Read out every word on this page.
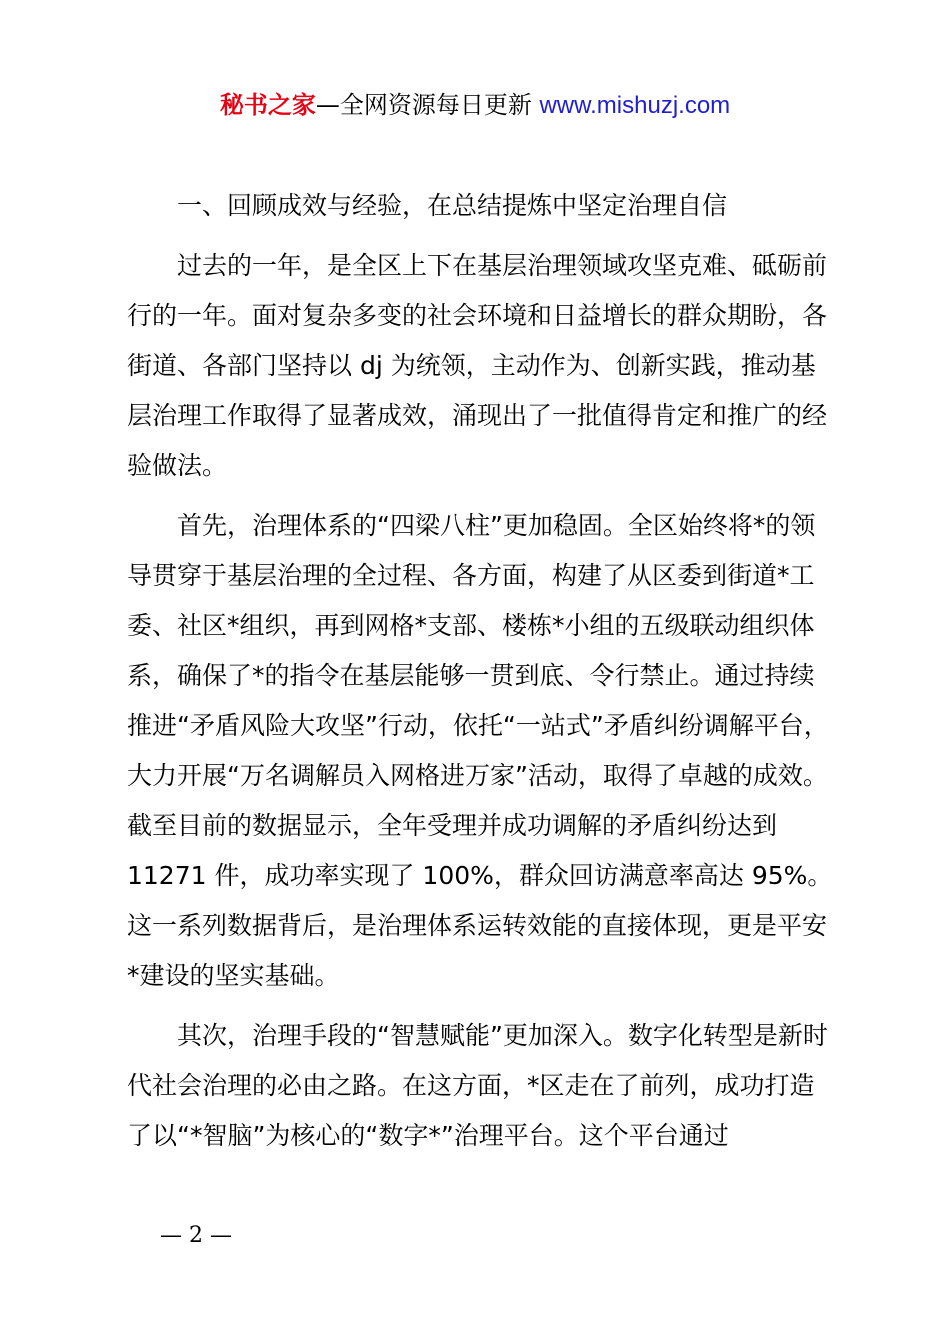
秘书之家—全网资源每日更新 www.mishuzj.com

一、回顾成效与经验，在总结提炼中坚定治理自信

过去的一年，是全区上下在基层治理领域攻坚克难、砥砺前行的一年。面对复杂多变的社会环境和日益增长的群众期盼，各街道、各部门坚持以 dj 为统领，主动作为、创新实践，推动基层治理工作取得了显著成效，涌现出了一批值得肯定和推广的经验做法。

首先，治理体系的“四梁八柱”更加稳固。全区始终将*的领导贯穿于基层治理的全过程、各方面，构建了从区委到街道*工委、社区*组织，再到网格*支部、楼栋*小组的五级联动组织体系，确保了*的指令在基层能够一贯到底、令行禁止。通过持续推进“矛盾风险大攻坚”行动，依托“一站式”矛盾纠纷调解平台，大力开展“万名调解员入网格进万家”活动，取得了卓越的成效。截至目前的数据显示，全年受理并成功调解的矛盾纠纷达到 11271 件，成功率实现了 100%，群众回访满意率高达 95%。这一系列数据背后，是治理体系运转效能的直接体现，更是平安*建设的坚实基础。

其次，治理手段的“智慧赋能”更加深入。数字化转型是新时代社会治理的必由之路。在这方面，*区走在了前列，成功打造了以“*智脑”为核心的“数字*”治理平台。这个平台通过

— 2 —
